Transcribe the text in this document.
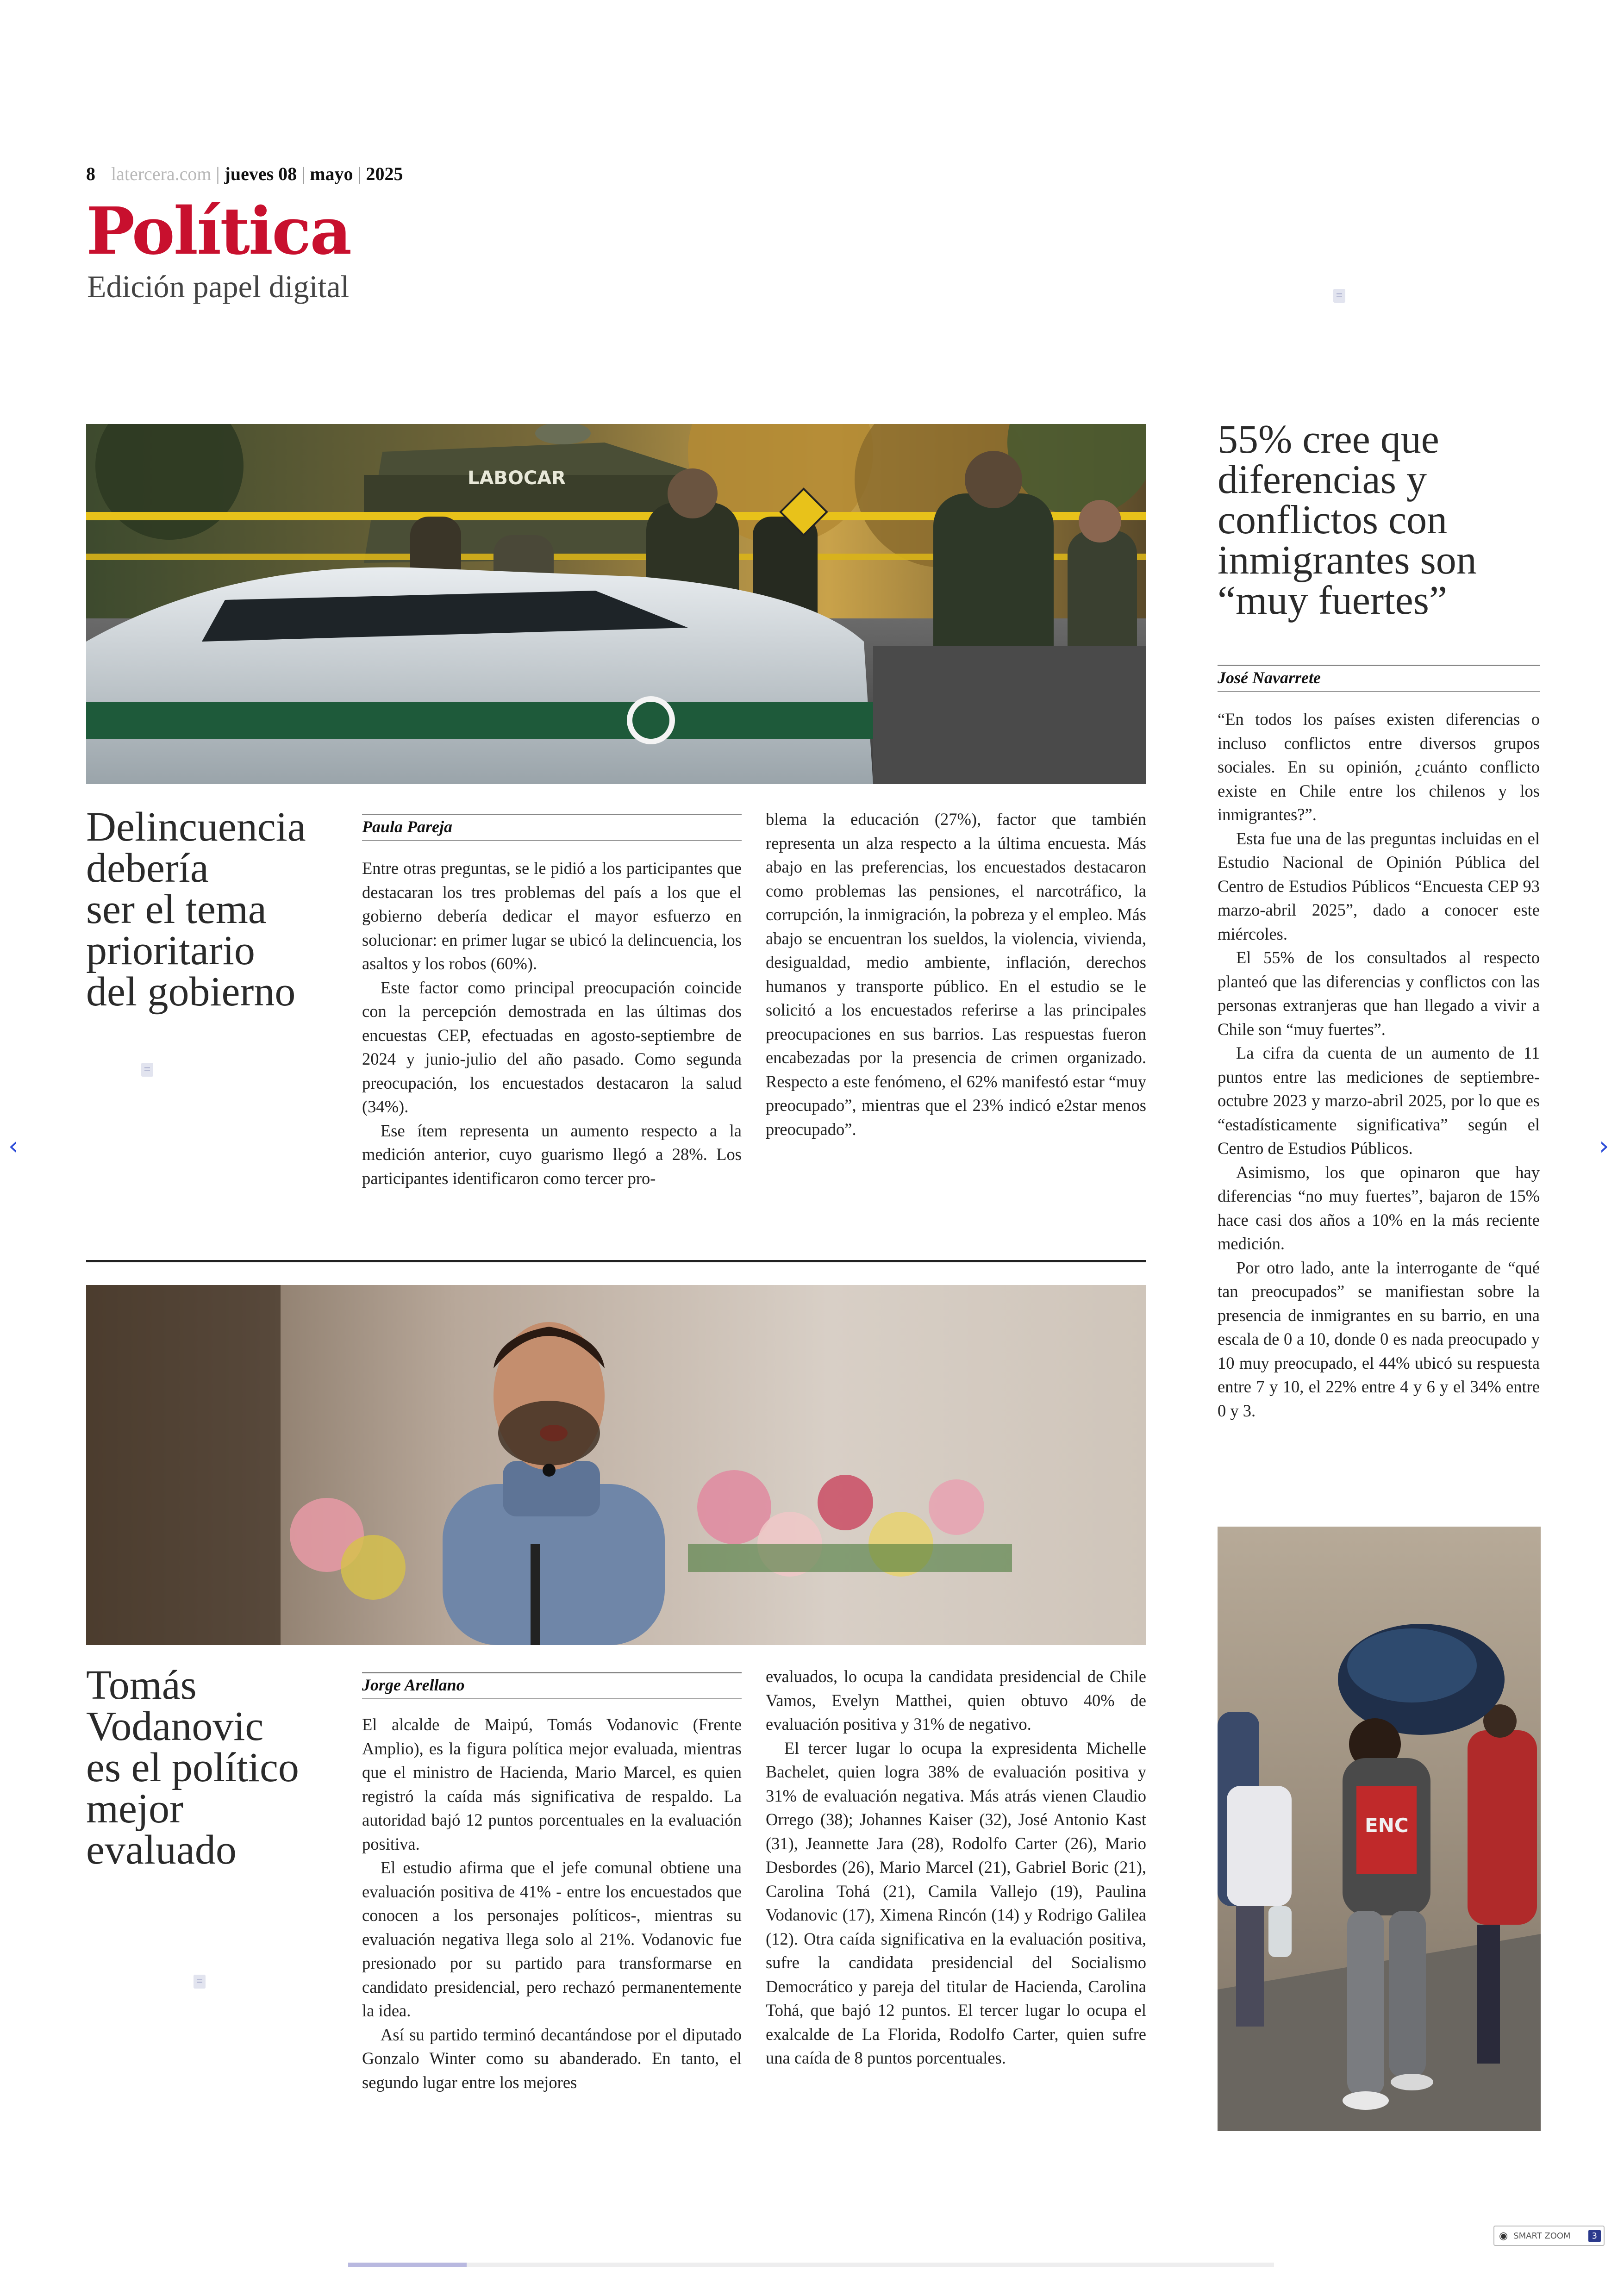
8 latercera.com | jueves 08 | mayo | 2025
Política
Edición papel digital
LABOCAR
Delincuencia
debería
ser el tema
prioritario
del gobierno
Paula Pareja

Entre otras preguntas, se le pidió a los participantes que destacaran los tres problemas del país a los que el gobierno debería dedicar el mayor esfuerzo en solucionar: en primer lugar se ubicó la delincuencia, los asaltos y los robos (60%).

Este factor como principal preocupación coincide con la percepción demostrada en las últimas dos encuestas CEP, efectuadas en agosto-septiembre de 2024 y junio-julio del año pasado. Como segunda preocupación, los encuestados destacaron la salud (34%).

Ese ítem representa un aumento respecto a la medición anterior, cuyo guarismo llegó a 28%. Los participantes identificaron como tercer pro-

blema la educación (27%), factor que también representa un alza respecto a la última encuesta. Más abajo en las preferencias, los encuestados destacaron como problemas las pensiones, el narcotráfico, la corrupción, la inmigración, la pobreza y el empleo. Más abajo se encuentran los sueldos, la violencia, vivienda, desigualdad, medio ambiente, inflación, derechos humanos y transporte público. En el estudio se le solicitó a los encuestados referirse a las principales preocupaciones en sus barrios. Las respuestas fueron encabezadas por la presencia de crimen organizado. Respecto a este fenómeno, el 62% manifestó estar “muy preocupado”, mientras que el 23% indicó e2star menos preocupado”.

55% cree que
diferencias y
conflictos con
inmigrantes son
“muy fuertes”
José Navarrete

“En todos los países existen diferencias o incluso conflictos entre diversos grupos sociales. En su opinión, ¿cuánto conflicto existe en Chile entre los chilenos y los inmigrantes?”.

Esta fue una de las preguntas incluidas en el Estudio Nacional de Opinión Pública del Centro de Estudios Públicos “Encuesta CEP 93 marzo-abril 2025”, dado a conocer este miércoles.

El 55% de los consultados al respecto planteó que las diferencias y conflictos con las personas extranjeras que han llegado a vivir a Chile son “muy fuertes”.

La cifra da cuenta de un aumento de 11 puntos entre las mediciones de septiembre-octubre 2023 y marzo-abril 2025, por lo que es “estadísticamente significativa” según el Centro de Estudios Públicos.

Asimismo, los que opinaron que hay diferencias “no muy fuertes”, bajaron de 15% hace casi dos años a 10% en la más reciente medición.

Por otro lado, ante la interrogante de “qué tan preocupados” se manifiestan sobre la presencia de inmigrantes en su barrio, en una escala de 0 a 10, donde 0 es nada preocupado y 10 muy preocupado, el 44% ubicó su respuesta entre 7 y 10, el 22% entre 4 y 6 y el 34% entre 0 y 3.

ENC
Tomás
Vodanovic
es el político
mejor
evaluado
Jorge Arellano

El alcalde de Maipú, Tomás Vodanovic (Frente Amplio), es la figura política mejor evaluada, mientras que el ministro de Hacienda, Mario Marcel, es quien registró la caída más significativa de respaldo. La autoridad bajó 12 puntos porcentuales en la evaluación positiva.

El estudio afirma que el jefe comunal obtiene una evaluación positiva de 41% - entre los encuestados que conocen a los personajes políticos-, mientras su evaluación negativa llega solo al 21%. Vodanovic fue presionado por su partido para transformarse en candidato presidencial, pero rechazó permanentemente la idea.

Así su partido terminó decantándose por el diputado Gonzalo Winter como su abanderado. En tanto, el segundo lugar entre los mejores

evaluados, lo ocupa la candidata presidencial de Chile Vamos, Evelyn Matthei, quien obtuvo 40% de evaluación positiva y 31% de negativo.

El tercer lugar lo ocupa la expresidenta Michelle Bachelet, quien logra 38% de evaluación positiva y 31% de evaluación negativa. Más atrás vienen Claudio Orrego (38); Johannes Kaiser (32), José Antonio Kast (31), Jeannette Jara (28), Rodolfo Carter (26), Mario Desbordes (26), Mario Marcel (21), Gabriel Boric (21), Carolina Tohá (21), Camila Vallejo (19), Paulina Vodanovic (17), Ximena Rincón (14) y Rodrigo Galilea (12). Otra caída significativa en la evaluación positiva, sufre la candidata presidencial del Socialismo Democrático y pareja del titular de Hacienda, Carolina Tohá, que bajó 12 puntos. El tercer lugar lo ocupa el exalcalde de La Florida, Rodolfo Carter, quien sufre una caída de 8 puntos porcentuales.

‹	›
◉ SMART ZOOM	3
